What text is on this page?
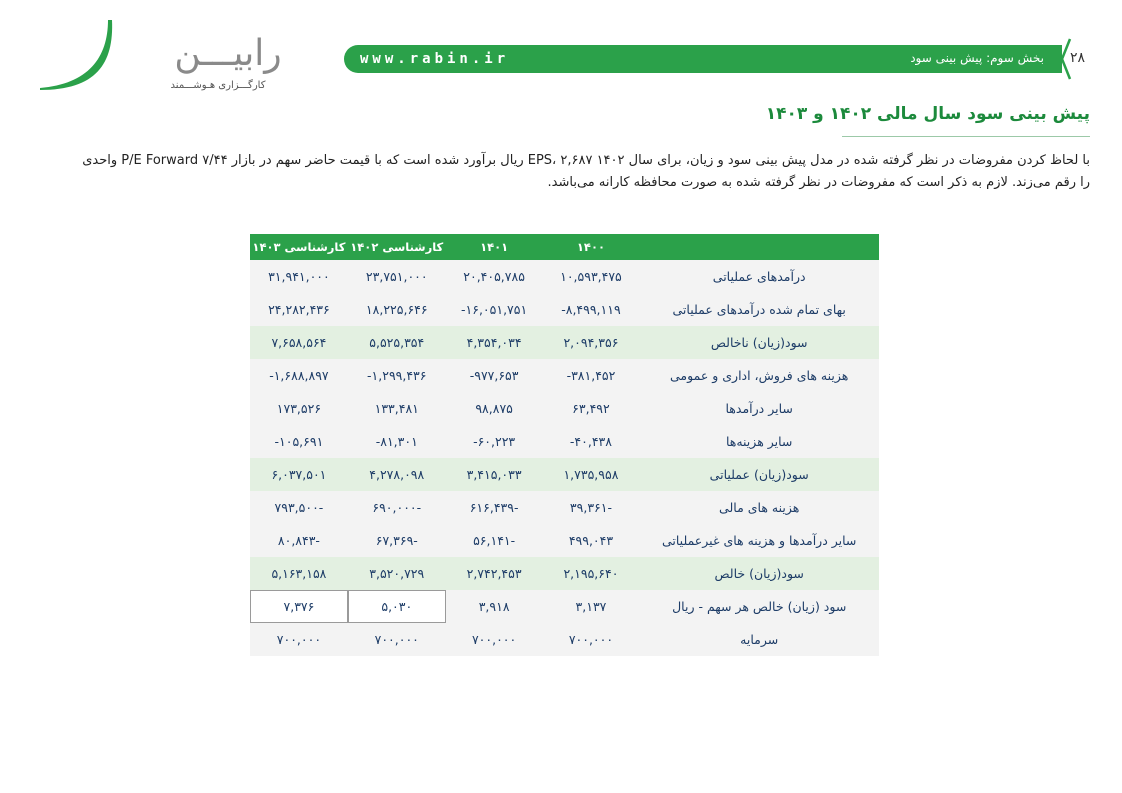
رابیـــن
کارگـــزاری هـوشـــمند
www.rabin.ir	بخش سوم: پیش بینی سود ۲۸
پیش بینی سود سال مالی ۱۴۰۲ و ۱۴۰۳
با لحاظ کردن مفروضات در نظر گرفته شده در مدل پیش بینی سود و زیان، برای سال ۱۴۰۲ EPS، ۲,۶۸۷ ریال برآورد شده است که با قیمت حاضر سهم در بازار P/E Forward ۷/۴۴ واحدی را رقم می‌زند. لازم به ذکر است که مفروضات در نظر گرفته شده به صورت محافظه کارانه می‌باشد.
۱۴۰۰
۱۴۰۱
کارشناسی ۱۴۰۲
کارشناسی ۱۴۰۳
درآمدهای عملیاتی
۱۰,۵۹۳,۴۷۵
۲۰,۴۰۵,۷۸۵
۲۳,۷۵۱,۰۰۰
۳۱,۹۴۱,۰۰۰
بهای تمام شده درآمدهای عملیاتی
-۸,۴۹۹,۱۱۹
-۱۶,۰۵۱,۷۵۱
۱۸,۲۲۵,۶۴۶
۲۴,۲۸۲,۴۳۶
سود(زیان) ناخالص
۲,۰۹۴,۳۵۶
۴,۳۵۴,۰۳۴
۵,۵۲۵,۳۵۴
۷,۶۵۸,۵۶۴
هزینه های فروش، اداری و عمومی
-۳۸۱,۴۵۲
-۹۷۷,۶۵۳
-۱,۲۹۹,۴۳۶
-۱,۶۸۸,۸۹۷
سایر درآمدها
۶۳,۴۹۲
۹۸,۸۷۵
۱۳۳,۴۸۱
۱۷۳,۵۲۶
سایر هزینه‌ها
-۴۰,۴۳۸
-۶۰,۲۲۳
-۸۱,۳۰۱
-۱۰۵,۶۹۱
سود(زیان) عملیاتی
۱,۷۳۵,۹۵۸
۳,۴۱۵,۰۳۳
۴,۲۷۸,۰۹۸
۶,۰۳۷,۵۰۱
هزینه های مالی
۳۹,۳۶۱-
۶۱۶,۴۳۹-
۶۹۰,۰۰۰-
۷۹۳,۵۰۰-
سایر درآمدها و هزینه های غیرعملیاتی
۴۹۹,۰۴۳
۵۶,۱۴۱-
۶۷,۳۶۹-
۸۰,۸۴۳-
سود(زیان) خالص
۲,۱۹۵,۶۴۰
۲,۷۴۲,۴۵۳
۳,۵۲۰,۷۲۹
۵,۱۶۳,۱۵۸
سود (زیان) خالص هر سهم - ریال
۳,۱۳۷
۳,۹۱۸
۵,۰۳۰
۷,۳۷۶
سرمایه
۷۰۰,۰۰۰
۷۰۰,۰۰۰
۷۰۰,۰۰۰
۷۰۰,۰۰۰
